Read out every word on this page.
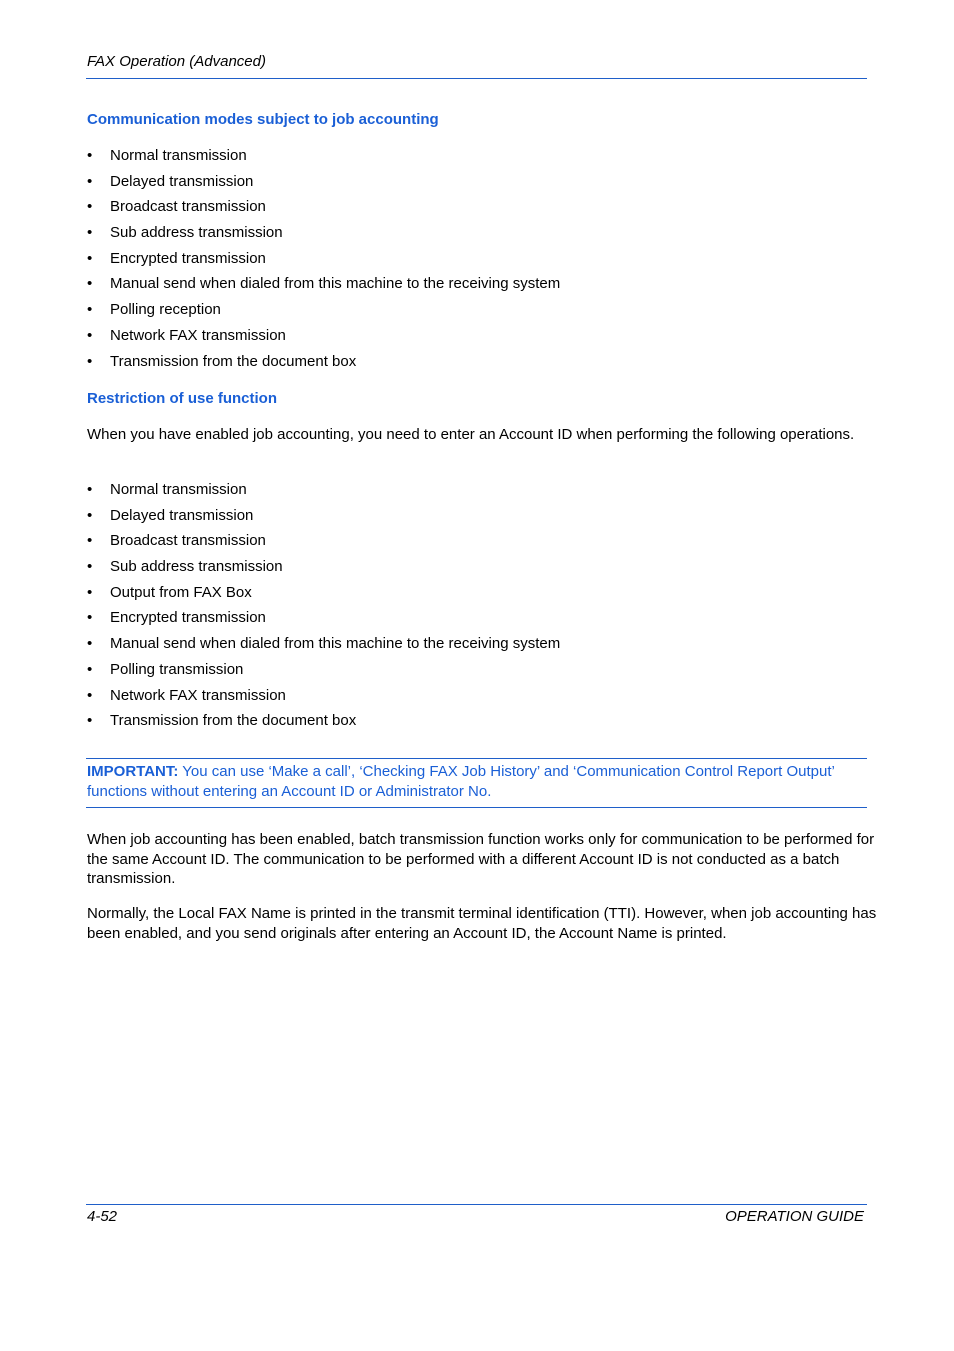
FAX Operation (Advanced)
Communication modes subject to job accounting
• Normal transmission
• Delayed transmission
• Broadcast transmission
• Sub address transmission
• Encrypted transmission
• Manual send when dialed from this machine to the receiving system
• Polling reception
• Network FAX transmission
• Transmission from the document box
Restriction of use function
When you have enabled job accounting, you need to enter an Account ID when performing the following operations.
• Normal transmission
• Delayed transmission
• Broadcast transmission
• Sub address transmission
• Output from FAX Box
• Encrypted transmission
• Manual send when dialed from this machine to the receiving system
• Polling transmission
• Network FAX transmission
• Transmission from the document box
IMPORTANT: You can use ‘Make a call’, ‘Checking FAX Job History’ and ‘Communication Control Report Output’ functions without entering an Account ID or Administrator No.
When job accounting has been enabled, batch transmission function works only for communication to be performed for the same Account ID. The communication to be performed with a different Account ID is not conducted as a batch transmission.
Normally, the Local FAX Name is printed in the transmit terminal identification (TTI). However, when job accounting has been enabled, and you send originals after entering an Account ID, the Account Name is printed.
4-52	OPERATION GUIDE
